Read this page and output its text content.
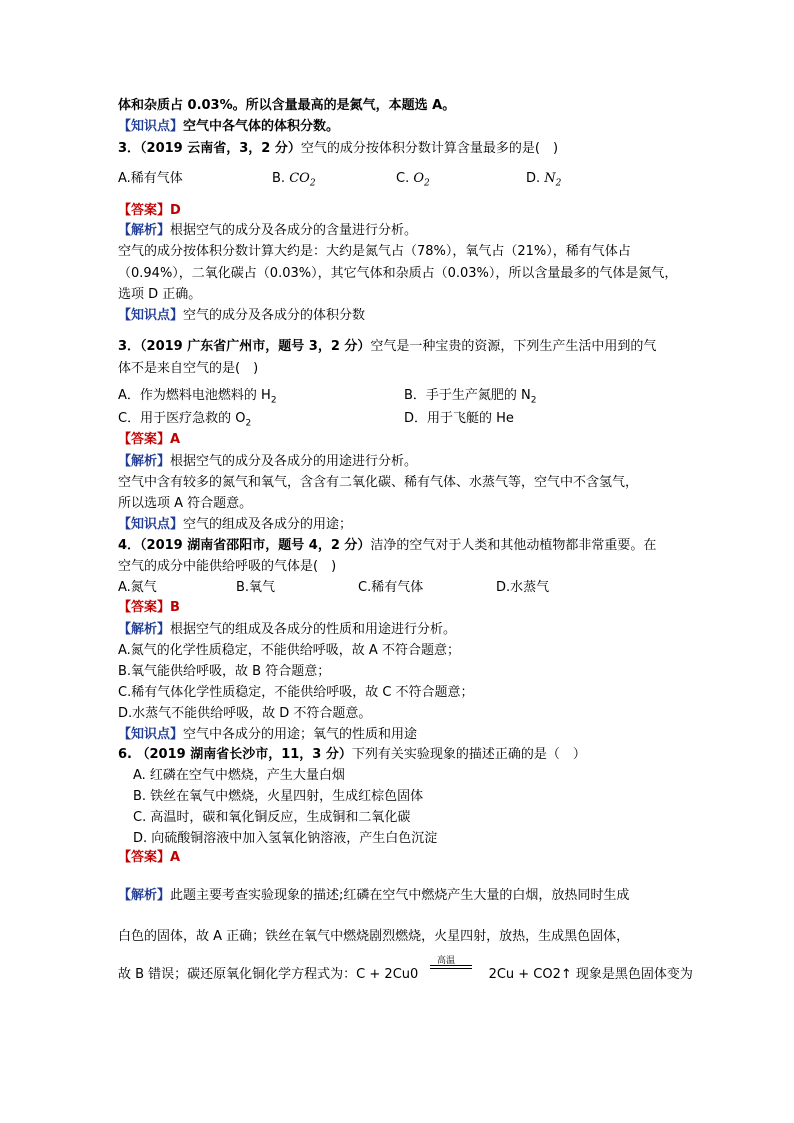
体和杂质占 0.03%。所以含量最高的是氮气，本题选 A。
【知识点】空气中各气体的体积分数。
3．（2019 云南省，3，2 分）空气的成分按体积分数计算含量最多的是(　)
A.稀有气体	B. $CO_2$	C. $O_2$	D. $N_2$
【答案】D
【解析】根据空气的成分及各成分的含量进行分析。
空气的成分按体积分数计算大约是：大约是氮气占（78%），氧气占（21%），稀有气体占
（0.94%），二氧化碳占（0.03%），其它气体和杂质占（0.03%），所以含量最多的气体是氮气，
选项 D 正确。
【知识点】空气的成分及各成分的体积分数
3．（2019 广东省广州市，题号 3，2 分）空气是一种宝贵的资源，下列生产生活中用到的气
体不是来自空气的是(　)
A．作为燃料电池燃料的 $H_2$	B．手于生产氮肥的 $N_2$
C．用于医疗急救的 $O_2$	D．用于飞艇的 He
【答案】A
【解析】根据空气的成分及各成分的用途进行分析。
空气中含有较多的氮气和氧气，含含有二氧化碳、稀有气体、水蒸气等，空气中不含氢气，
所以选项 A 符合题意。
【知识点】空气的组成及各成分的用途；
4．（2019 湖南省邵阳市，题号 4，2 分）洁净的空气对于人类和其他动植物都非常重要。在
空气的成分中能供给呼吸的气体是(　)
A.氮气	B.氧气	C.稀有气体	D.水蒸气
【答案】B
【解析】根据空气的组成及各成分的性质和用途进行分析。
A.氮气的化学性质稳定，不能供给呼吸，故 A 不符合题意；
B.氧气能供给呼吸，故 B 符合题意；
C.稀有气体化学性质稳定，不能供给呼吸，故 C 不符合题意；
D.水蒸气不能供给呼吸，故 D 不符合题意。
【知识点】空气中各成分的用途；氧气的性质和用途
6. （2019 湖南省长沙市，11，3 分）下列有关实验现象的描述正确的是（　）
A. 红磷在空气中燃烧，产生大量白烟
B. 铁丝在氧气中燃烧，火星四射，生成红棕色固体
C. 高温时，碳和氧化铜反应，生成铜和二氧化碳
D. 向硫酸铜溶液中加入氢氧化钠溶液，产生白色沉淀
【答案】A
【解析】此题主要考查实验现象的描述;红磷在空气中燃烧产生大量的白烟，放热同时生成
白色的固体，故 A 正确；铁丝在氧气中燃烧剧烈燃烧，火星四射，放热，生成黑色固体，
故 B 错误；碳还原氧化铜化学方程式为：C + 2Cu0	2Cu + CO2↑ 现象是黑色固体变为
高温
